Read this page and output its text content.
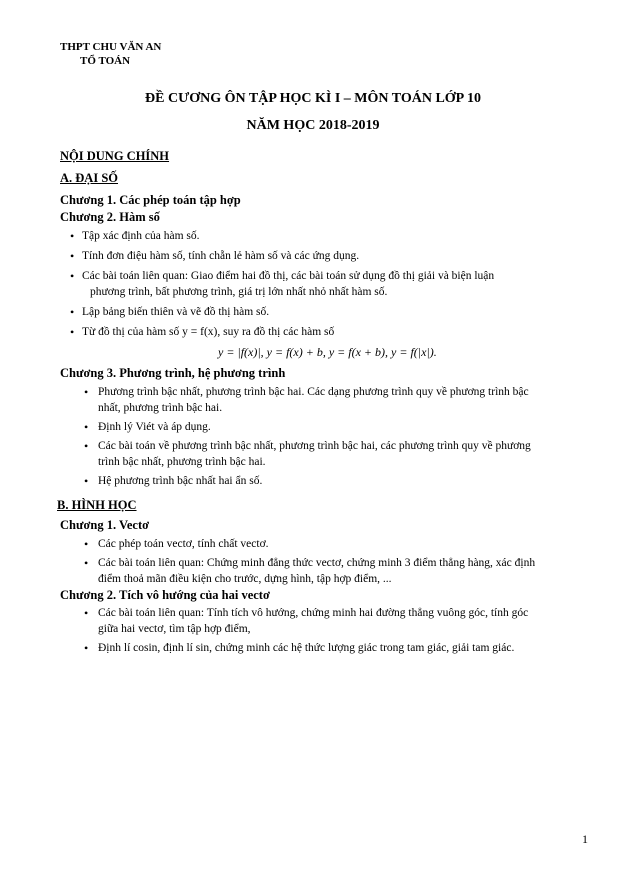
THPT CHU VĂN AN
TỔ TOÁN
ĐỀ CƯƠNG ÔN TẬP HỌC KÌ I – MÔN TOÁN LỚP 10
NĂM HỌC 2018-2019
NỘI DUNG CHÍNH
A. ĐẠI SỐ
Chương 1. Các phép toán tập hợp
Chương 2. Hàm số
• Tập xác định của hàm số.
• Tính đơn điệu hàm số, tính chẵn lẻ hàm số và các ứng dụng.
• Các bài toán liên quan: Giao điểm hai đồ thị, các bài toán sử dụng đồ thị giải và biện luận
phương trình, bất phương trình, giá trị lớn nhất nhỏ nhất hàm số.
• Lập bảng biến thiên và vẽ đồ thị hàm số.
• Từ đồ thị của hàm số y = f(x), suy ra đồ thị các hàm số
y = |f(x)|, y = f(x) + b, y = f(x + b), y = f(|x|).
Chương 3. Phương trình, hệ phương trình
• Phương trình bậc nhất, phương trình bậc hai. Các dạng phương trình quy về phương trình bậc
nhất, phương trình bậc hai.
• Định lý Viét và áp dụng.
• Các bài toán về phương trình bậc nhất, phương trình bậc hai, các phương trình quy về phương
trình bậc nhất, phương trình bậc hai.
• Hệ phương trình bậc nhất hai ẩn số.
B. HÌNH HỌC
Chương 1. Vectơ
• Các phép toán vectơ, tính chất vectơ.
• Các bài toán liên quan: Chứng minh đẳng thức vectơ, chứng minh 3 điểm thẳng hàng, xác định
điểm thoả mãn điều kiện cho trước, dựng hình, tập hợp điểm, ...
Chương 2. Tích vô hướng của hai vectơ
• Các bài toán liên quan: Tính tích vô hướng, chứng minh hai đường thẳng vuông góc, tính góc
giữa hai vectơ, tìm tập hợp điểm,
• Định lí cosin, định lí sin, chứng minh các hệ thức lượng giác trong tam giác, giải tam giác.
1
